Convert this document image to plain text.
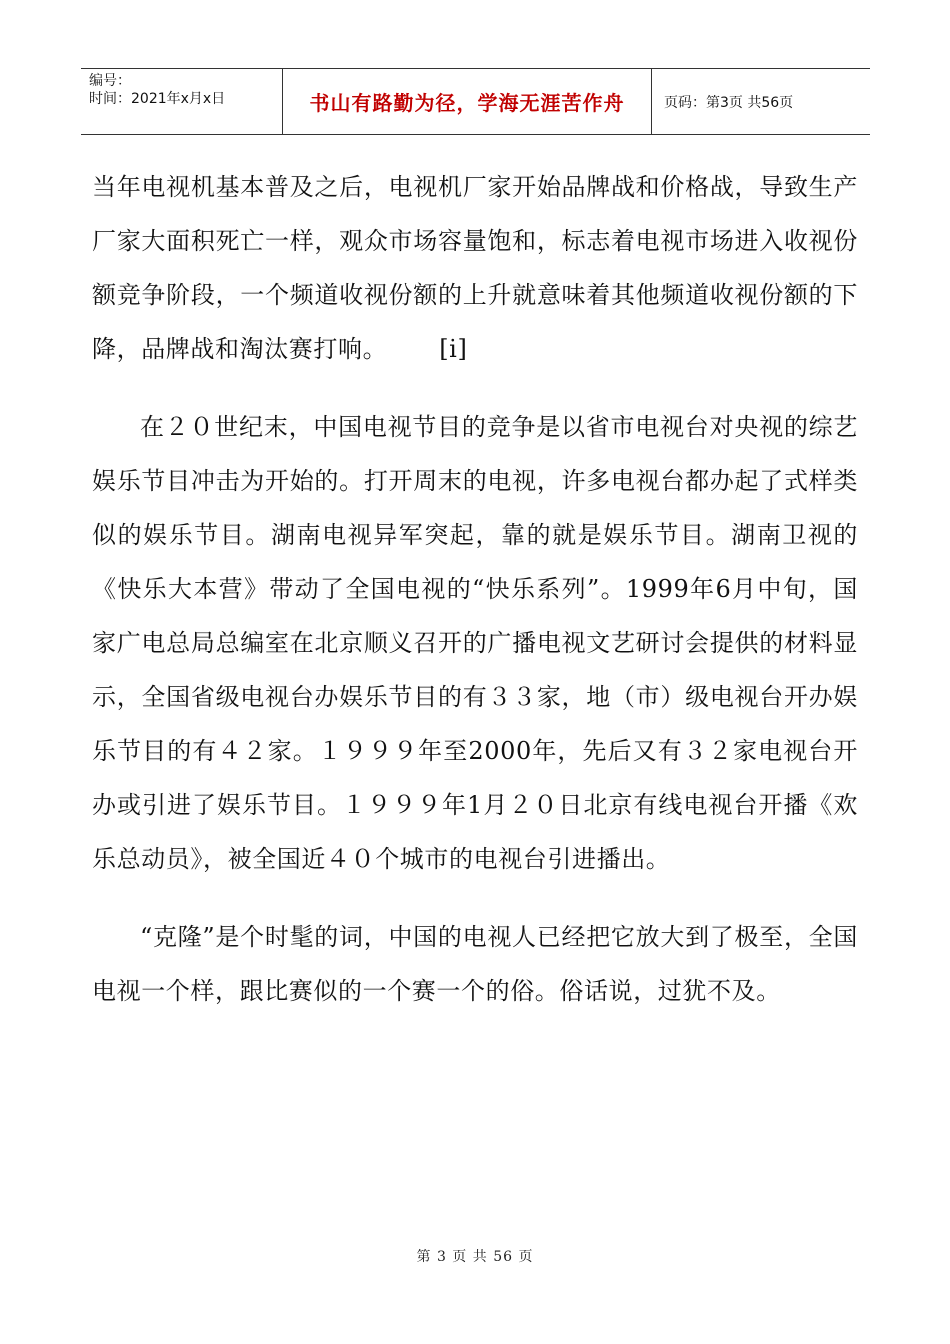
编号：
时间：2021年x月x日	书山有路勤为径，学海无涯苦作舟	页码：第3页 共56页

当年电视机基本普及之后，电视机厂家开始品牌战和价格战，导致生产厂家大面积死亡一样，观众市场容量饱和，标志着电视市场进入收视份额竞争阶段，一个频道收视份额的上升就意味着其他频道收视份额的下降，品牌战和淘汰赛打响。 [i]

在２０世纪末，中国电视节目的竞争是以省市电视台对央视的综艺娱乐节目冲击为开始的。打开周末的电视，许多电视台都办起了式样类似的娱乐节目。湖南电视异军突起，靠的就是娱乐节目。湖南卫视的《快乐大本营》带动了全国电视的“快乐系列”。1999年6月中旬，国家广电总局总编室在北京顺义召开的广播电视文艺研讨会提供的材料显示，全国省级电视台办娱乐节目的有３３家，地（市）级电视台开办娱乐节目的有４２家。１９９９年至2000年，先后又有３２家电视台开办或引进了娱乐节目。１９９９年1月２０日北京有线电视台开播《欢乐总动员》，被全国近４０个城市的电视台引进播出。

“克隆”是个时髦的词，中国的电视人已经把它放大到了极至，全国电视一个样，跟比赛似的一个赛一个的俗。俗话说，过犹不及。

第 3 页 共 56 页
